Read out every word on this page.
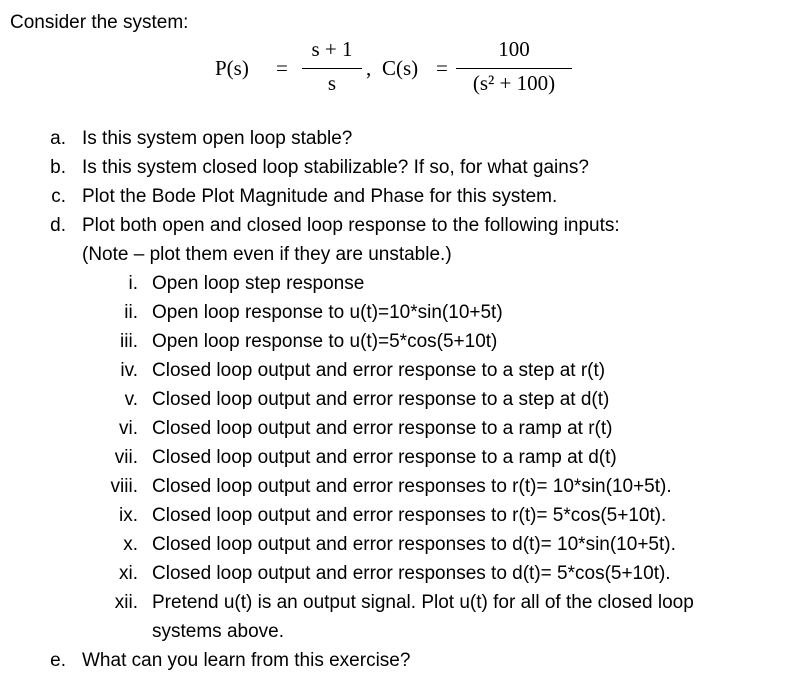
Consider the system:
P(s) =
s + 1
s
, C(s) =
100
(s² + 100)
a. Is this system open loop stable?
b. Is this system closed loop stabilizable? If so, for what gains?
c. Plot the Bode Plot Magnitude and Phase for this system.
d. Plot both open and closed loop response to the following inputs:
(Note – plot them even if they are unstable.)
i. Open loop step response
ii. Open loop response to u(t)=10*sin(10+5t)
iii. Open loop response to u(t)=5*cos(5+10t)
iv. Closed loop output and error response to a step at r(t)
v. Closed loop output and error response to a step at d(t)
vi. Closed loop output and error response to a ramp at r(t)
vii. Closed loop output and error response to a ramp at d(t)
viii. Closed loop output and error responses to r(t)= 10*sin(10+5t).
ix. Closed loop output and error responses to r(t)= 5*cos(5+10t).
x. Closed loop output and error responses to d(t)= 10*sin(10+5t).
xi. Closed loop output and error responses to d(t)= 5*cos(5+10t).
xii. Pretend u(t) is an output signal. Plot u(t) for all of the closed loop
systems above.
e. What can you learn from this exercise?
